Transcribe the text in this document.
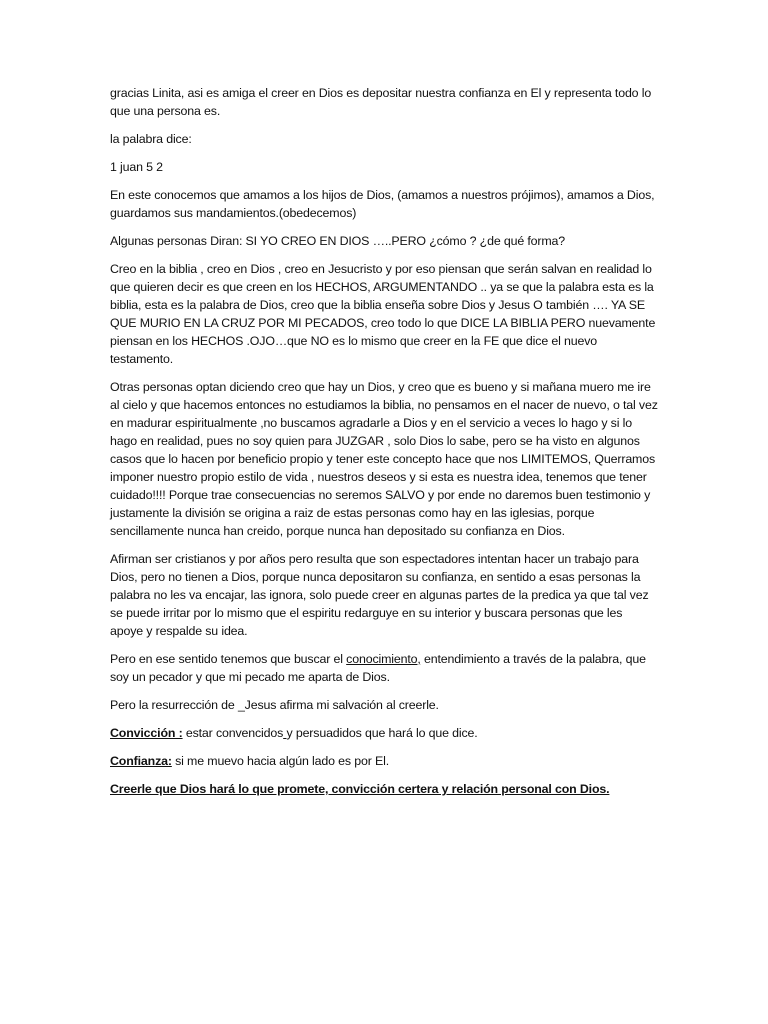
gracias Linita, asi es amiga el creer en Dios es depositar nuestra confianza en El y representa todo lo que una persona es.

la palabra dice:

1 juan 5 2

En este conocemos que amamos a los hijos de Dios, (amamos a nuestros prójimos), amamos a Dios, guardamos sus mandamientos.(obedecemos)

Algunas personas Diran: SI YO CREO EN DIOS …..PERO ¿cómo ? ¿de qué forma?

Creo en la biblia , creo en Dios , creo en Jesucristo y por eso piensan que serán salvan en realidad lo que quieren decir es que creen en los HECHOS, ARGUMENTANDO .. ya se que la palabra esta es la biblia, esta es la palabra de Dios, creo que la biblia enseña sobre Dios y Jesus O también …. YA SE QUE MURIO EN LA CRUZ POR MI PECADOS, creo todo lo que DICE LA BIBLIA PERO nuevamente piensan en los HECHOS .OJO…que NO es lo mismo que creer en la FE que dice el nuevo testamento.

Otras personas optan diciendo creo que hay un Dios, y creo que es bueno y si mañana muero me ire al cielo y que hacemos entonces no estudiamos la biblia, no pensamos en el nacer de nuevo, o tal vez en madurar espiritualmente ,no buscamos agradarle a Dios y en el servicio a veces lo hago y si lo hago en realidad, pues no soy quien para JUZGAR , solo Dios lo sabe, pero se ha visto en algunos casos que lo hacen por beneficio propio y tener este concepto hace que nos LIMITEMOS, Querramos imponer nuestro propio estilo de vida , nuestros deseos y si esta es nuestra idea, tenemos que tener cuidado!!!! Porque trae consecuencias no seremos SALVO y por ende no daremos buen testimonio y justamente la división se origina a raiz de estas personas como hay en las iglesias, porque sencillamente nunca han creido, porque nunca han depositado su confianza en Dios.

Afirman ser cristianos y por años pero resulta que son espectadores intentan hacer un trabajo para Dios, pero no tienen a Dios, porque nunca depositaron su confianza, en sentido a esas personas la palabra no les va encajar, las ignora, solo puede creer en algunas partes de la predica ya que tal vez se puede irritar por lo mismo que el espiritu redarguye en su interior y buscara personas que les apoye y respalde su idea.

Pero en ese sentido tenemos que buscar el conocimiento, entendimiento a través de la palabra, que soy un pecador y que mi pecado me aparta de Dios.

Pero la resurrección de _Jesus afirma mi salvación al creerle.

Convicción : estar convencidos y persuadidos que hará lo que dice.

Confianza: si me muevo hacia algún lado es por El.

Creerle que Dios hará lo que promete, convicción certera y relación personal con Dios.
